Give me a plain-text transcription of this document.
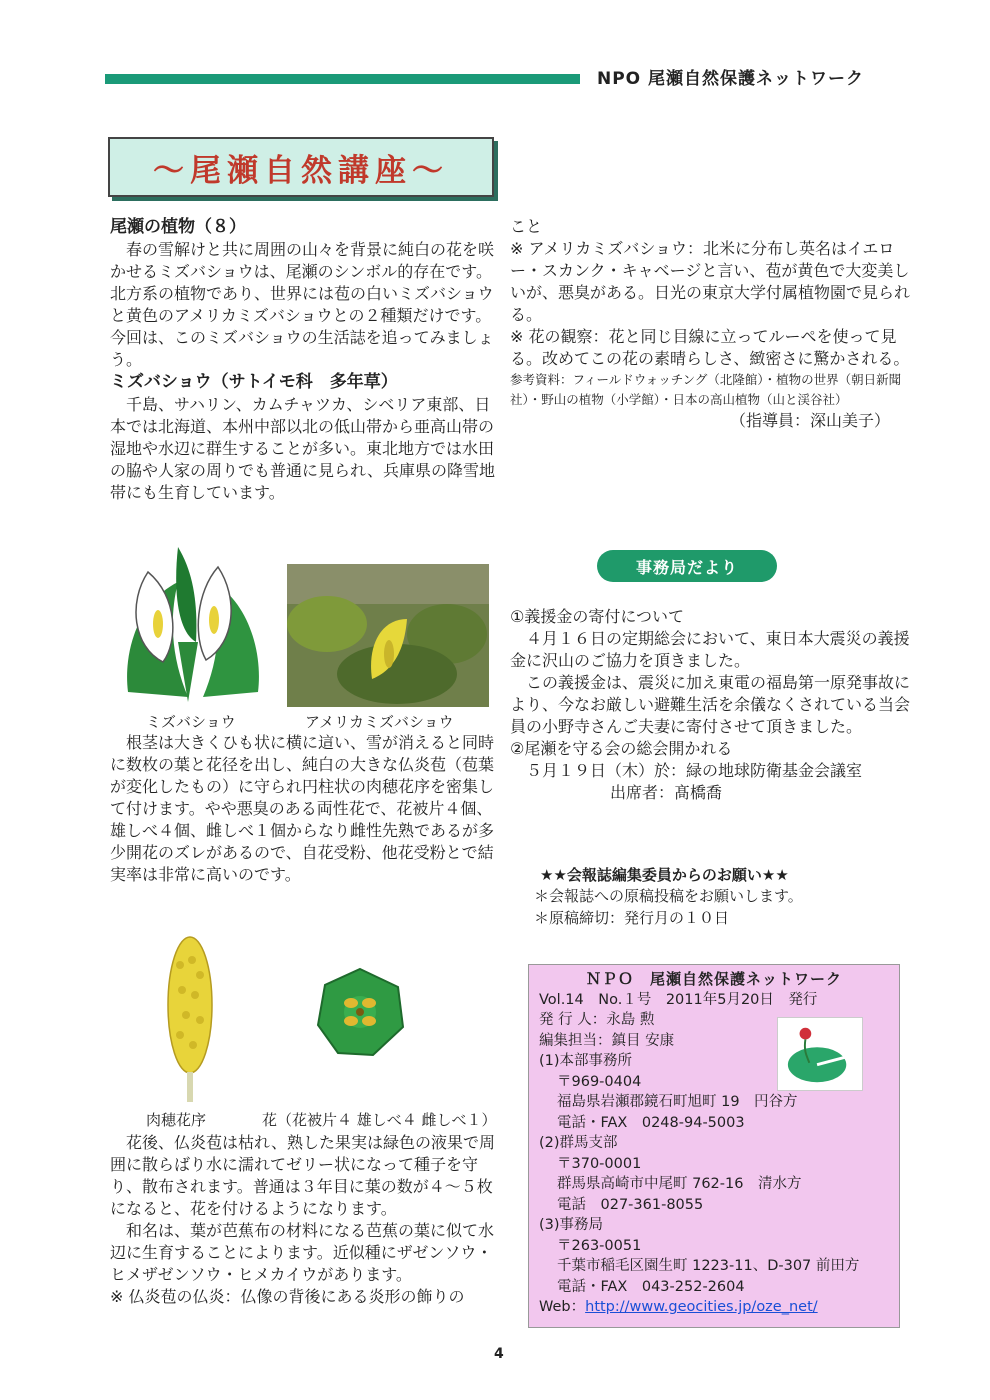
NPO 尾瀬自然保護ネットワーク
～尾瀬自然講座～
尾瀬の植物（８）

春の雪解けと共に周囲の山々を背景に純白の花を咲かせるミズバショウは、尾瀬のシンボル的存在です。北方系の植物であり、世界には苞の白いミズバショウと黄色のアメリカミズバショウとの２種類だけです。今回は、このミズバショウの生活誌を追ってみましょう。

ミズバショウ（サトイモ科　多年草）

千島、サハリン、カムチャツカ、シベリア東部、日本では北海道、本州中部以北の低山帯から亜高山帯の湿地や水辺に群生することが多い。東北地方では水田の脇や人家の周りでも普通に見られ、兵庫県の降雪地帯にも生育しています。

ミズバショウ	アメリカミズバショウ

根茎は大きくひも状に横に這い、雪が消えると同時に数枚の葉と花径を出し、純白の大きな仏炎苞（苞葉が変化したもの）に守られ円柱状の肉穂花序を密集して付けます。やや悪臭のある両性花で、花被片４個、雄しべ４個、雌しべ１個からなり雌性先熟であるが多少開花のズレがあるので、自花受粉、他花受粉とで結実率は非常に高いのです。

肉穂花序	花（花被片４ 雄しべ４ 雌しべ１）

花後、仏炎苞は枯れ、熟した果実は緑色の液果で周囲に散らばり水に濡れてゼリー状になって種子を守り、散布されます。普通は３年目に葉の数が４～５枚になると、花を付けるようになります。

和名は、葉が芭蕉布の材料になる芭蕉の葉に似て水辺に生育することによります。近似種にザゼンソウ・ヒメザゼンソウ・ヒメカイウがあります。

※ 仏炎苞の仏炎：仏像の背後にある炎形の飾りの
こと
※ アメリカミズバショウ：北米に分布し英名はイエロー・スカンク・キャベージと言い、苞が黄色で大変美しいが、悪臭がある。日光の東京大学付属植物園で見られる。
※ 花の観察：花と同じ目線に立ってルーペを使って見る。改めてこの花の素晴らしさ、緻密さに驚かされる。
参考資料：フィールドウォッチング（北隆館）・植物の世界（朝日新聞社）・野山の植物（小学館）・日本の高山植物（山と渓谷社）
（指導員：深山美子）
事務局だより
①義援金の寄付について

４月１６日の定期総会において、東日本大震災の義援金に沢山のご協力を頂きました。

この義援金は、震災に加え東電の福島第一原発事故により、今なお厳しい避難生活を余儀なくされている当会員の小野寺さんご夫妻に寄付させて頂きました。

②尾瀬を守る会の総会開かれる
５月１９日（木）於：緑の地球防衛基金会議室
出席者：髙橋喬
★★会報誌編集委員からのお願い★★
＊会報誌への原稿投稿をお願いします。
＊原稿締切：発行月の１０日
ＮＰＯ　尾瀬自然保護ネットワーク
Vol.14　No.１号　2011年5月20日　発行
発 行 人：永島 勲
編集担当：鎮目 安康
(1)本部事務所
〒969-0404
福島県岩瀬郡鏡石町旭町 19　円谷方
電話・FAX　0248-94-5003
(2)群馬支部
〒370-0001
群馬県高崎市中尾町 762-16　清水方
電話　027-361-8055
(3)事務局
〒263-0051
千葉市稲毛区園生町 1223-11、D-307 前田方
電話・FAX　043-252-2604
Web：http://www.geocities.jp/oze_net/
4
